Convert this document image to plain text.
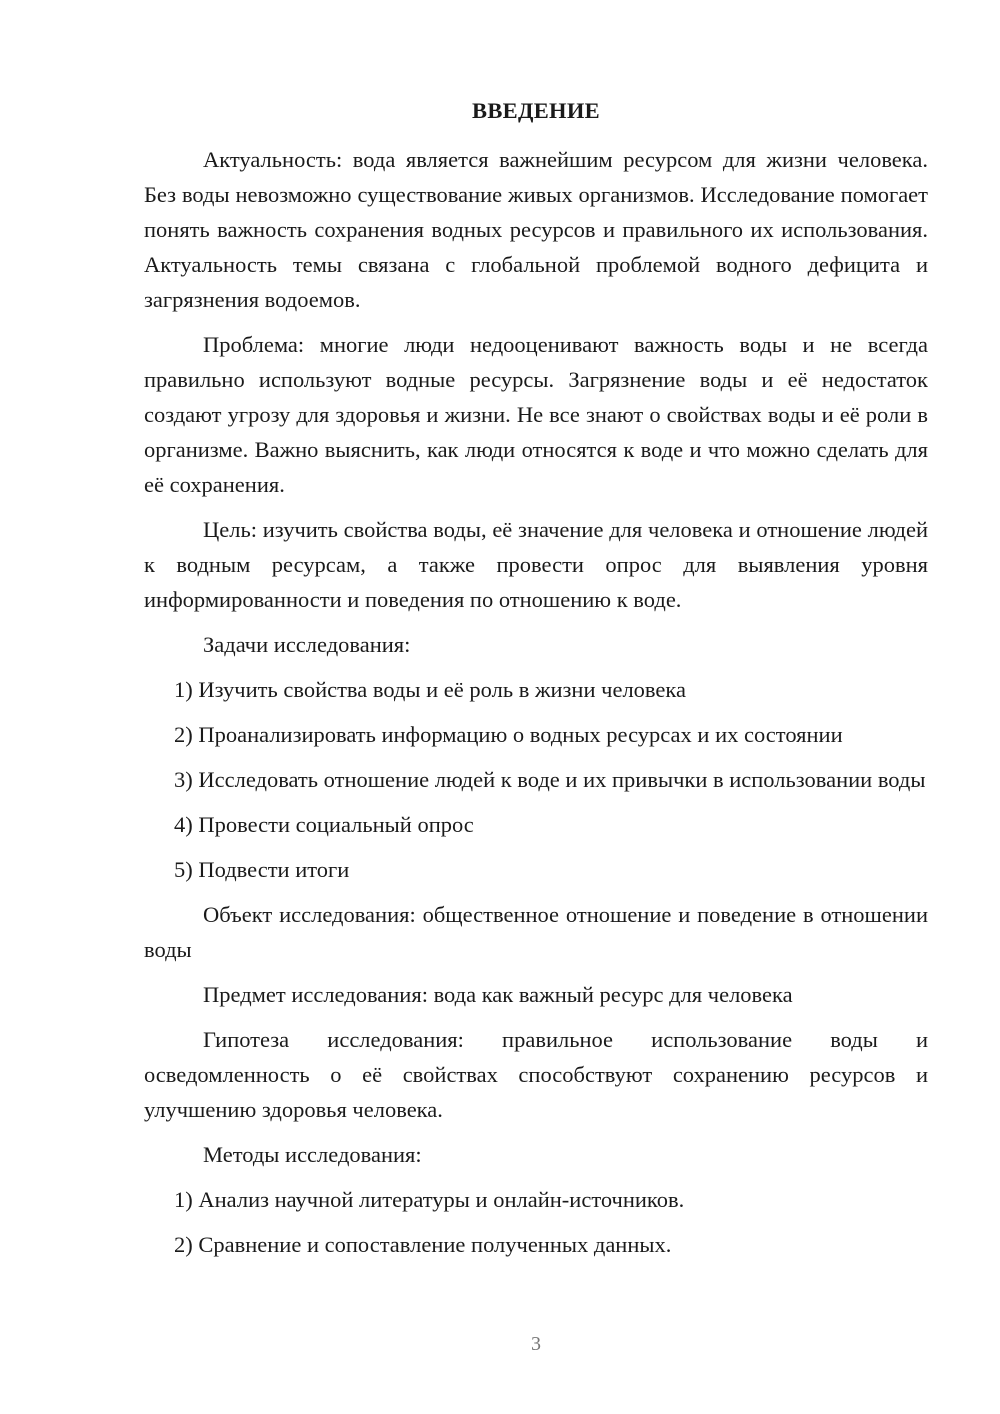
ВВЕДЕНИЕ

Актуальность: вода является важнейшим ресурсом для жизни человека. Без воды невозможно существование живых организмов. Исследование помогает понять важность сохранения водных ресурсов и правильного их использования. Актуальность темы связана с глобальной проблемой водного дефицита и загрязнения водоемов.

Проблема: многие люди недооценивают важность воды и не всегда правильно используют водные ресурсы. Загрязнение воды и её недостаток создают угрозу для здоровья и жизни. Не все знают о свойствах воды и её роли в организме. Важно выяснить, как люди относятся к воде и что можно сделать для её сохранения.

Цель: изучить свойства воды, её значение для человека и отношение людей к водным ресурсам, а также провести опрос для выявления уровня информированности и поведения по отношению к воде.

Задачи исследования:

1) Изучить свойства воды и её роль в жизни человека

2) Проанализировать информацию о водных ресурсах и их состоянии

3) Исследовать отношение людей к воде и их привычки в использовании воды

4) Провести социальный опрос

5) Подвести итоги

Объект исследования: общественное отношение и поведение в отношении воды

Предмет исследования: вода как важный ресурс для человека

Гипотеза исследования: правильное использование воды и осведомленность о её свойствах способствуют сохранению ресурсов и улучшению здоровья человека.

Методы исследования:

1) Анализ научной литературы и онлайн-источников.

2) Сравнение и сопоставление полученных данных.

3
